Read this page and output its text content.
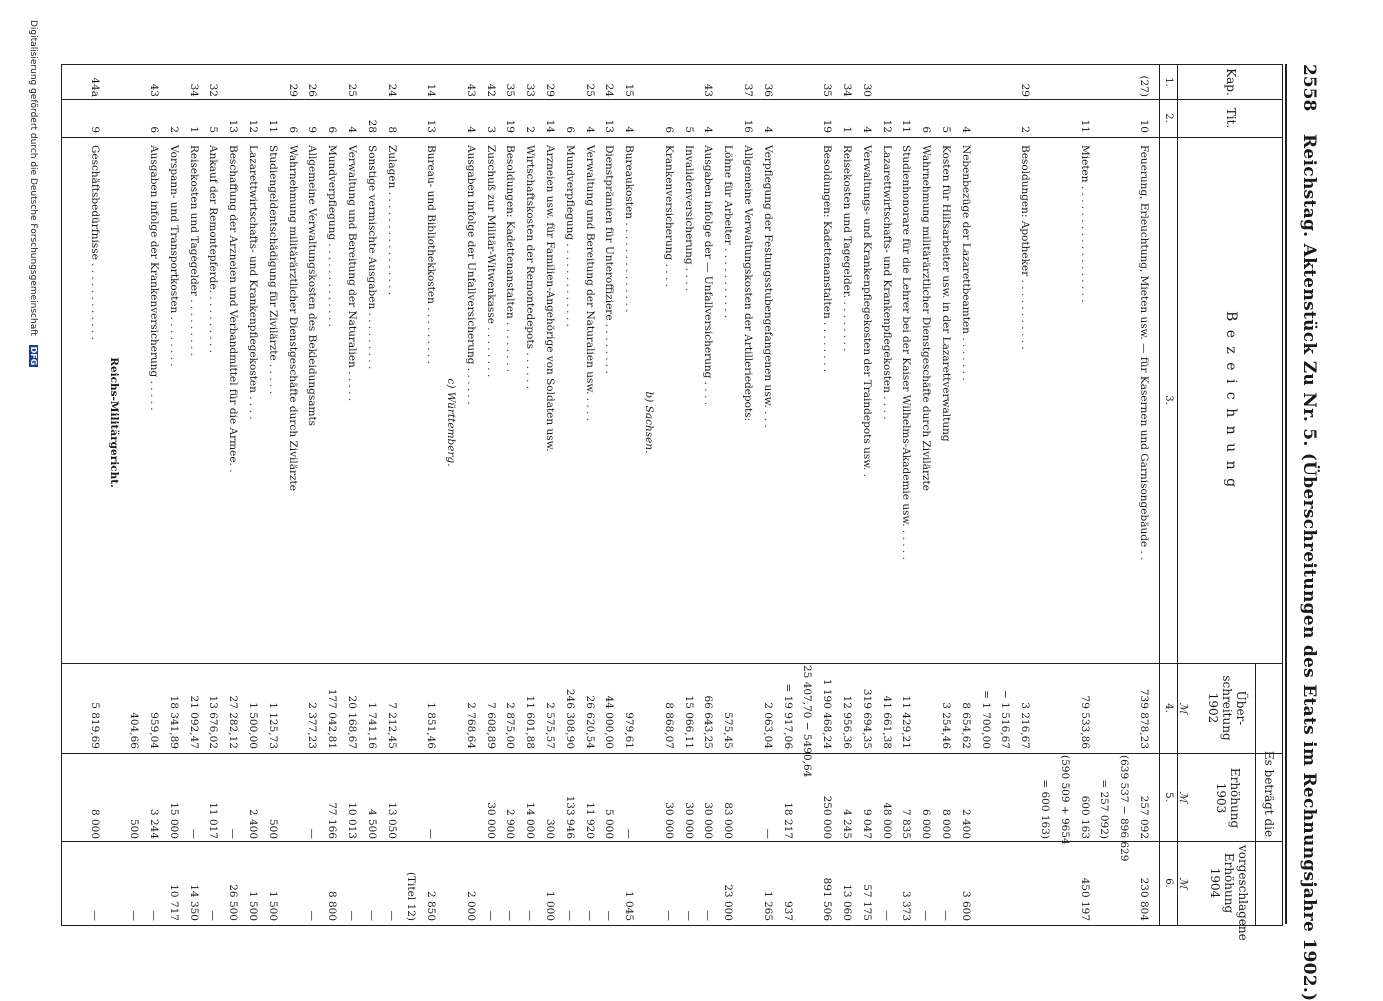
2558
Reichstag. Aktenstück Zu Nr. 5. (Überschreitungen des Etats im Rechnungsjahre 1902.)
Kap.
Tit.
B e z e i c h n u n g
Es beträgt die
Über-schreitung 1902
Erhöhung 1903
vorgeschlagene Erhöhung 1904
1.
2.
3.
4.
5.
6.
ℳ
ℳ
ℳ
(27)
10
Feuerung, Erleuchtung, Mieten usw. — für Kasernen und Garnisongebäude . .
739 878,23
257 092
230 804
(639 537 − 896 629
= 257 092)
11
Mieten . . . . . . . . . . . . . . . . . .
79 533,86
600 163
450 197
(590 509 + 9654
= 600 163)
29
2
Besoldungen: Apotheker . . . . . . . . . . .
3 216,67
− 1 516,67
= 1 700,00
4
Nebenbezüge der Lazarettbeamten . . . . . . .
8 654,62
2 400
3 600
5
Kosten für Hilfsarbeiter usw. in der Lazarettverwaltung
3 254,46
8 000
—
6
Wahrnehmung militärärztlicher Dienstgeschäfte durch Zivilärzte
6 000
—
11
Studienhonorare für die Lehrer bei der Kaiser Wilhelms-Akademie usw. . . . . .
11 429,21
7 835
3 373
12
Lazarettwirtschafts- und Krankenpflegekosten . . . .
41 661,38
48 000
—
30
4
Verwaltungs- und Krankenpflegekosten der Traindepots usw. .
319 694,35
9 047
57 175
34
1
Reisekosten und Tagegelder. . . . . . . . .
12 956,36
4 245
13 060
35
19
Besoldungen: Kadettenanstalten . . . . . . . .
1 190 468,24
250 000
891 506
25 407,70 − 5490,64
= 19 917,06
18 217
937
36
4
Verpflegung der Festungsstubengefangenen usw. . . .
2 063,04
—
1 265
37
16
Allgemeine Verwaltungskosten der Artilleriedepots:
Löhne für Arbeiter . . . . . . . . . . .
575,45
83 000
23 000
43
4
Ausgaben infolge der — Unfallversicherung . . . .
66 643,25
30 000
—
5
Invalidenversicherung . . . .
15 066,11
30 000
—
6
Krankenversicherung . . . .
8 868,07
30 000
—
b) Sachsen.
15
4
Bureaukosten . . . . . . . . . . . . . .
979,61
—
1 045
24
13
Dienstprämien für Unteroffiziere . . . . . . . .
44 000,00
5 000
—
25
4
Verwaltung und Bereitung der Naturalien usw. . . . .
26 620,54
11 920
—
6
Mundverpflegung . . . . . . . . . . . . .
246 308,90
133 946
—
29
14
Arzneien usw. für Familien-Angehörige von Soldaten usw.
2 575,57
300
1 000
33
2
Wirtschaftskosten der Remontedepots . . . . . .
11 601,88
14 000
—
35
19
Besoldungen: Kadettenanstalten . . . . . . . .
2 875,00
2 900
—
42
3
Zuschuß zur Militär-Witwenkasse . . . . . . . .
7 608,89
30 000
—
43
4
Ausgaben infolge der Unfallversicherung . . . . . .
2 768,64
2 000
c) Württemberg.
14
13
Bureau- und Bibliothekkosten . . . . . . . . .
1 851,46
—
2 850
(Titel 12)
24
8
Zulagen . . . . . . . . . . . . . . . .
7 212,45
13 050
—
28
Sonstige vermischte Ausgaben . . . . . . . . .
1 741,16
4 500
—
25
4
Verwaltung und Bereitung der Naturalien . . . . .
20 168,67
10 013
—
6
Mundverpflegung . . . . . . . . . . . . .
177 042,81
77 166
8 800
26
9
Allgemeine Verwaltungskosten des Bekleidungsamts
2 377,23
—
—
29
6
Wahrnehmung militärärztlicher Dienstgeschäfte durch Zivilärzte
11
Studiengeldentschädigung für Zivilärzte . . . . .
1 125,73
500
1 500
12
Lazarettwirtschafts- und Krankenpflegekosten . . . .
1 500,00
2 400
1 500
13
Beschaffung der Arzneien und Verbandmittel für die Armee. .
27 282,12
—
26 500
32
5
Ankauf der Remontepferde. . . . . . . . . .
13 676,02
11 017
—
34
1
Reisekosten und Tagegelder . . . . . . . . .
21 092,47
—
14 350
2
Vorspann- und Transportkosten . . . . . . . .
18 341,89
15 000
10 717
43
6
Ausgaben infolge der Krankenversicherung . . . . .
959,04
3 244
—
404,66
500
—
Reichs-Militärgericht.
44a
9
Geschäftsbedürfnisse . . . . . . . . . . . .
5 819,69
8 000
—
Digitalisierung gefördert durch die Deutsche Forschungsgemeinschaft DFG
